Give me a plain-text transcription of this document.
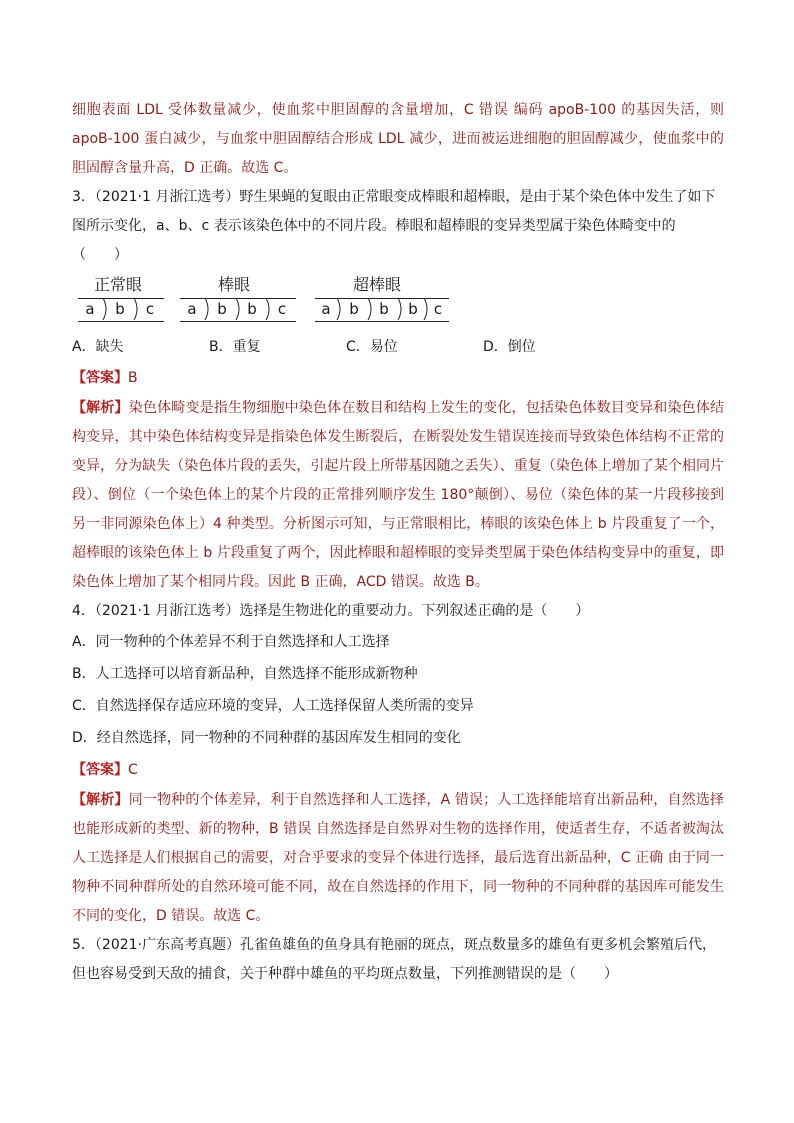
细胞表面 LDL 受体数量减少，使血浆中胆固醇的含量增加，C 错误 编码 apoB-100 的基因失活，则 apoB-100 蛋白减少，与血浆中胆固醇结合形成 LDL 减少，进而被运进细胞的胆固醇减少，使血浆中的胆固醇含量升高，D 正确。故选 C。

3．（2021·1 月浙江选考）野生果蝇的复眼由正常眼变成棒眼和超棒眼，是由于某个染色体中发生了如下图所示变化，a、b、c 表示该染色体中的不同片段。棒眼和超棒眼的变异类型属于染色体畸变中的（　　）

正常眼	棒眼	超棒眼
a	b	c	a	b	b	c	a	b	b	b	c
A．缺失	B．重复	C．易位	D．倒位

【答案】B

【解析】染色体畸变是指生物细胞中染色体在数目和结构上发生的变化，包括染色体数目变异和染色体结构变异，其中染色体结构变异是指染色体发生断裂后，在断裂处发生错误连接而导致染色体结构不正常的变异，分为缺失（染色体片段的丢失，引起片段上所带基因随之丢失）、重复（染色体上增加了某个相同片段）、倒位（一个染色体上的某个片段的正常排列顺序发生 180°颠倒）、易位（染色体的某一片段移接到另一非同源染色体上）4 种类型。分析图示可知，与正常眼相比，棒眼的该染色体上 b 片段重复了一个，超棒眼的该染色体上 b 片段重复了两个，因此棒眼和超棒眼的变异类型属于染色体结构变异中的重复，即染色体上增加了某个相同片段。因此 B 正确，ACD 错误。故选 B。

4．（2021·1 月浙江选考）选择是生物进化的重要动力。下列叙述正确的是（　　）

A．同一物种的个体差异不利于自然选择和人工选择

B．人工选择可以培育新品种，自然选择不能形成新物种

C．自然选择保存适应环境的变异，人工选择保留人类所需的变异

D．经自然选择，同一物种的不同种群的基因库发生相同的变化

【答案】C

【解析】同一物种的个体差异，利于自然选择和人工选择，A 错误；人工选择能培育出新品种，自然选择也能形成新的类型、新的物种，B 错误 自然选择是自然界对生物的选择作用，使适者生存，不适者被淘汰 人工选择是人们根据自己的需要，对合乎要求的变异个体进行选择，最后选育出新品种，C 正确 由于同一物种不同种群所处的自然环境可能不同，故在自然选择的作用下，同一物种的不同种群的基因库可能发生不同的变化，D 错误。故选 C。

5．（2021·广东高考真题）孔雀鱼雄鱼的鱼身具有艳丽的斑点，斑点数量多的雄鱼有更多机会繁殖后代，但也容易受到天敌的捕食，关于种群中雄鱼的平均斑点数量，下列推测错误的是（　　）
